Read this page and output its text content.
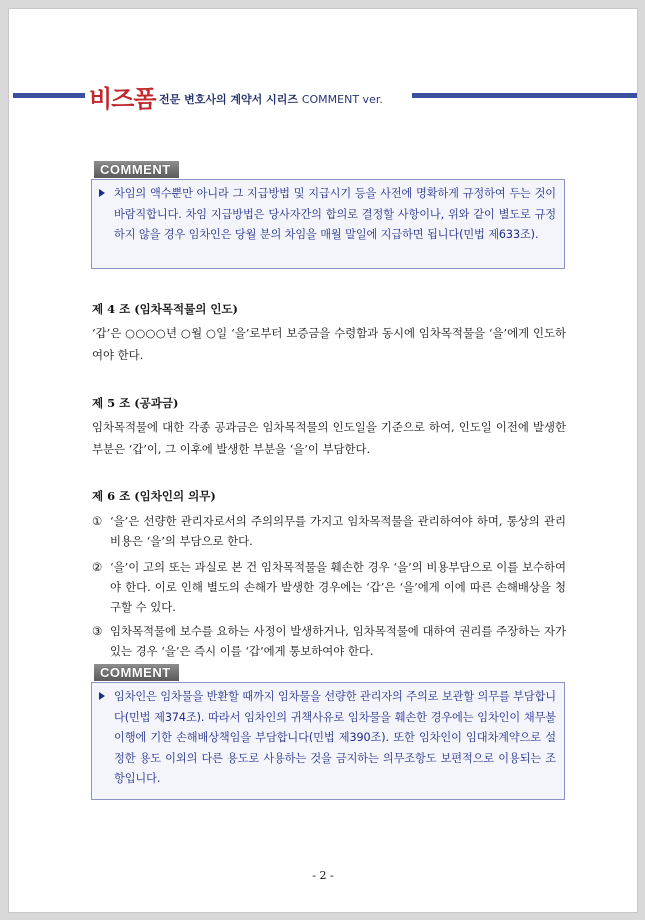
비즈폼 전문 변호사의 계약서 시리즈 COMMENT ver.
COMMENT
차임의 액수뿐만 아니라 그 지급방법 및 지급시기 등을 사전에 명확하게 규정하여 두는 것이 바람직합니다. 차임 지급방법은 당사자간의 합의로 결정할 사항이나, 위와 같이 별도로 규정하지 않을 경우 임차인은 당월 분의 차임을 매월 말일에 지급하면 됩니다(민법 제633조).
제 4 조 (임차목적물의 인도)
‘갑’은 ○○○○년 ○월 ○일 ‘을’로부터 보증금을 수령함과 동시에 임차목적물을 ‘을’에게 인도하여야 한다.
제 5 조 (공과금)
임차목적물에 대한 각종 공과금은 임차목적물의 인도일을 기준으로 하여, 인도일 이전에 발생한 부분은 ‘갑’이, 그 이후에 발생한 부분을 ‘을’이 부담한다.
제 6 조 (임차인의 의무)
① ‘을’은 선량한 관리자로서의 주의의무를 가지고 임차목적물을 관리하여야 하며, 통상의 관리비용은 ‘을’의 부담으로 한다.
② ‘을’이 고의 또는 과실로 본 건 임차목적물을 훼손한 경우 ‘을’의 비용부담으로 이를 보수하여야 한다. 이로 인해 별도의 손해가 발생한 경우에는 ‘갑’은 ‘을’에게 이에 따른 손해배상을 청구할 수 있다.
③ 임차목적물에 보수를 요하는 사정이 발생하거나, 임차목적물에 대하여 권리를 주장하는 자가 있는 경우 ‘을’은 즉시 이를 ‘갑’에게 통보하여야 한다.
COMMENT
임차인은 임차물을 반환할 때까지 임차물을 선량한 관리자의 주의로 보관할 의무를 부담합니다(민법 제374조). 따라서 임차인의 귀책사유로 임차물을 훼손한 경우에는 임차인이 채무불이행에 기한 손해배상책임을 부담합니다(민법 제390조). 또한 임차인이 임대차계약으로 설정한 용도 이외의 다른 용도로 사용하는 것을 금지하는 의무조항도 보편적으로 이용되는 조항입니다.
- 2 -
